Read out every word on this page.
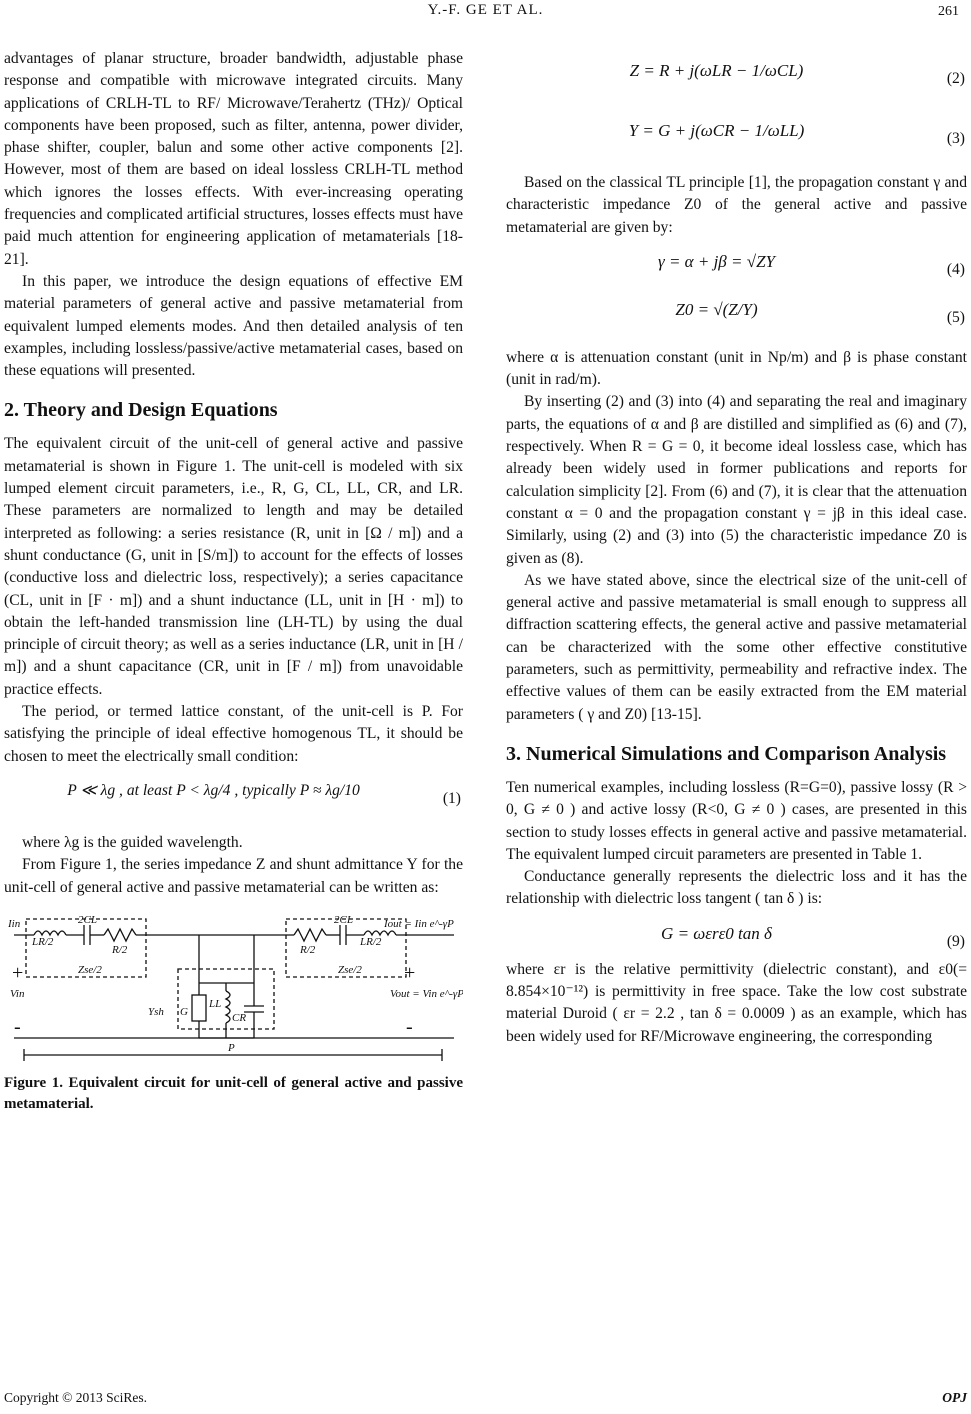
Y.-F. GE ET AL.	261

advantages of planar structure, broader bandwidth, adjustable phase response and compatible with microwave integrated circuits. Many applications of CRLH-TL to RF/ Microwave/Terahertz (THz)/ Optical components have been proposed, such as filter, antenna, power divider, phase shifter, coupler, balun and some other active components [2]. However, most of them are based on ideal lossless CRLH-TL method which ignores the losses effects. With ever-increasing operating frequencies and complicated artificial structures, losses effects must have paid much attention for engineering application of metamaterials [18-21].

In this paper, we introduce the design equations of effective EM material parameters of general active and passive metamaterial from equivalent lumped elements modes. And then detailed analysis of ten examples, including lossless/passive/active metamaterial cases, based on these equations will presented.

2. Theory and Design Equations

The equivalent circuit of the unit-cell of general active and passive metamaterial is shown in Figure 1. The unit-cell is modeled with six lumped element circuit parameters, i.e., R, G, CL, LL, CR, and LR. These parameters are normalized to length and may be detailed interpreted as following: a series resistance (R, unit in [Ω / m]) and a shunt conductance (G, unit in [S/m]) to account for the effects of losses (conductive loss and dielectric loss, respectively); a series capacitance (CL, unit in [F · m]) and a shunt inductance (LL, unit in [H · m]) to obtain the left-handed transmission line (LH-TL) by using the dual principle of circuit theory; as well as a series inductance (LR, unit in [H / m]) and a shunt capacitance (CR, unit in [F / m]) from unavoidable practice effects.

The period, or termed lattice constant, of the unit-cell is P. For satisfying the principle of ideal effective homogenous TL, it should be chosen to meet the electrically small condition:

P ≪ λg , at least P < λg/4 , typically P ≈ λg/10	(1)

where λg is the guided wavelength.

From Figure 1, the series impedance Z and shunt admittance Y for the unit-cell of general active and passive metamaterial can be written as:

Iin
LR/2
2CL
R/2	R/2
2CL
LR/2
Iout = Iin e^-γP
Zse/2	Zse/2
Ysh G
LL
CR
Vin	Vout = Vin e^-γP
P
+	+
-	-

Figure 1. Equivalent circuit for unit-cell of general active and passive metamaterial.

Z = R + j(ωLR − 1/ωCL)	(2)
Y = G + j(ωCR − 1/ωLL)	(3)

Based on the classical TL principle [1], the propagation constant γ and characteristic impedance Z0 of the general active and passive metamaterial are given by:

γ = α + jβ = √ZY	(4)
Z0 = √(Z/Y)	(5)

where α is attenuation constant (unit in Np/m) and β is phase constant (unit in rad/m).

By inserting (2) and (3) into (4) and separating the real and imaginary parts, the equations of α and β are distilled and simplified as (6) and (7), respectively. When R = G = 0, it become ideal lossless case, which has already been widely used in former publications and reports for calculation simplicity [2]. From (6) and (7), it is clear that the attenuation constant α = 0 and the propagation constant γ = jβ in this ideal case. Similarly, using (2) and (3) into (5) the characteristic impedance Z0 is given as (8).

As we have stated above, since the electrical size of the unit-cell of general active and passive metamaterial is small enough to suppress all diffraction scattering effects, the general active and passive metamaterial can be characterized with the some other effective constitutive parameters, such as permittivity, permeability and refractive index. The effective values of them can be easily extracted from the EM material parameters ( γ and Z0) [13-15].

3. Numerical Simulations and Comparison Analysis

Ten numerical examples, including lossless (R=G=0), passive lossy (R > 0, G ≠ 0 ) and active lossy (R<0, G ≠ 0 ) cases, are presented in this section to study losses effects in general active and passive metamaterial. The equivalent lumped circuit parameters are presented in Table 1.

Conductance generally represents the dielectric loss and it has the relationship with dielectric loss tangent ( tan δ ) is:

G = ωεrε0 tan δ	(9)

where εr is the relative permittivity (dielectric constant), and ε0(= 8.854×10⁻¹²) is permittivity in free space. Take the low cost substrate material Duroid ( εr = 2.2 , tan δ = 0.0009 ) as an example, which has been widely used for RF/Microwave engineering, the corresponding

Copyright © 2013 SciRes.	OPJ
